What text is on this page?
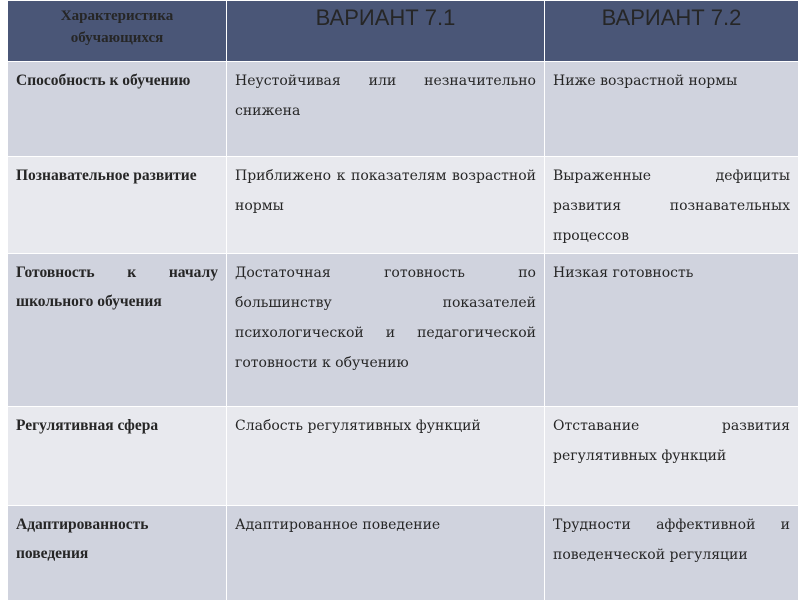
Характеристика обучающихся	ВАРИАНТ 7.1	ВАРИАНТ 7.2
Способность к обучению	Неустойчивая или незначительно снижена	Ниже возрастной нормы
Познавательное развитие	Приближено к показателям возрастной нормы	Выраженные дефициты развития познавательных процессов
Готовность к началу школьного обучения	Достаточная готовность по большинству показателей психологической и педагогической готовности к обучению	Низкая готовность
Регулятивная сфера	Слабость регулятивных функций	Отставание развития регулятивных функций
Адаптированность поведения	Адаптированное поведение	Трудности аффективной и поведенческой регуляции
